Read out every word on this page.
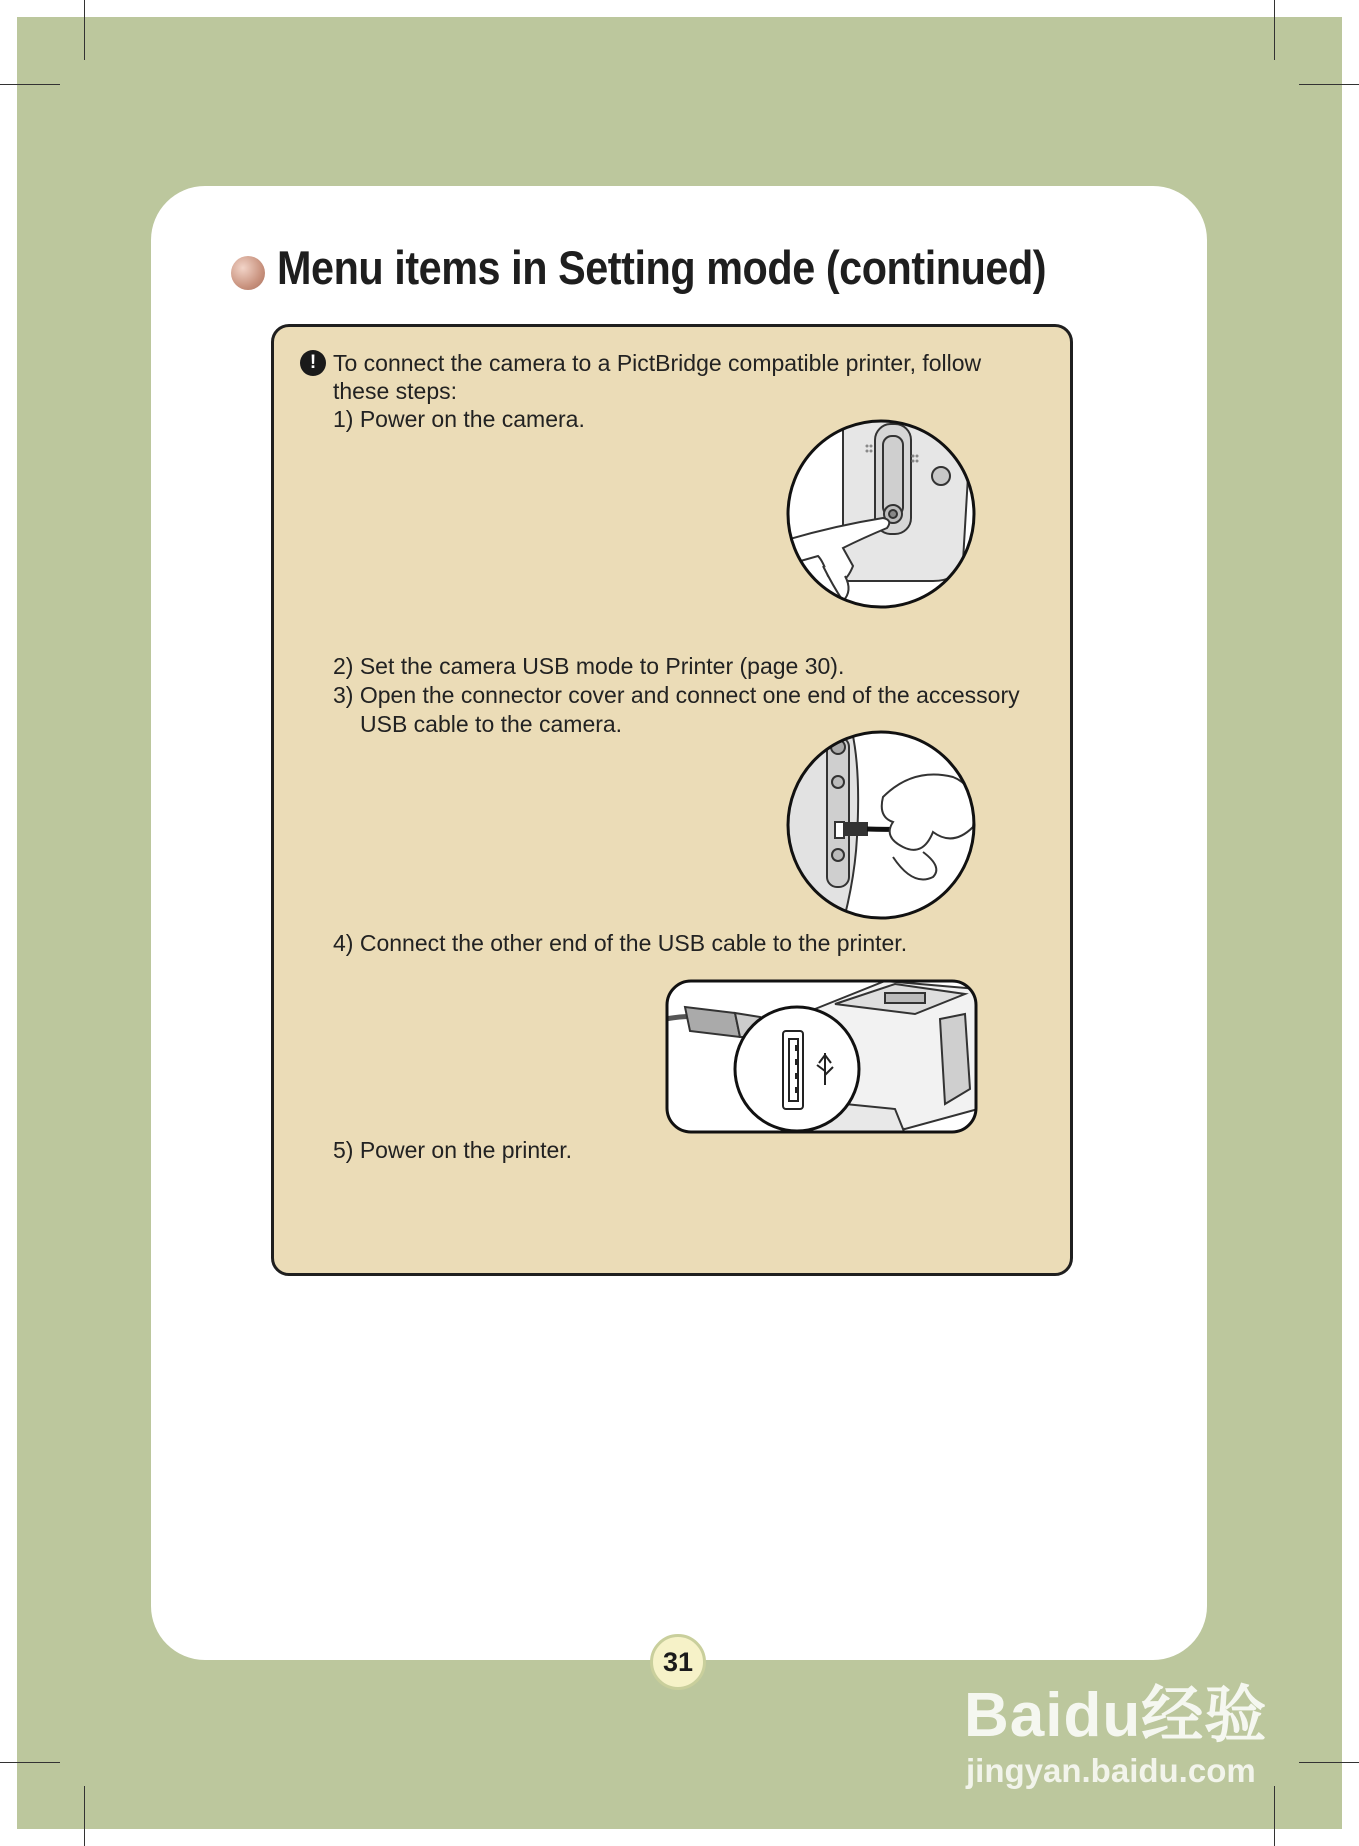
Menu items in Setting mode (continued)
! To connect the camera to a PictBridge compatible printer, follow
these steps:
1) Power on the camera.
2) Set the camera USB mode to Printer (page 30).
3) Open the connector cover and connect one end of the accessory
USB cable to the camera.
4) Connect the other end of the USB cable to the printer.
5) Power on the printer.
31
Baidu经验
jingyan.baidu.com
